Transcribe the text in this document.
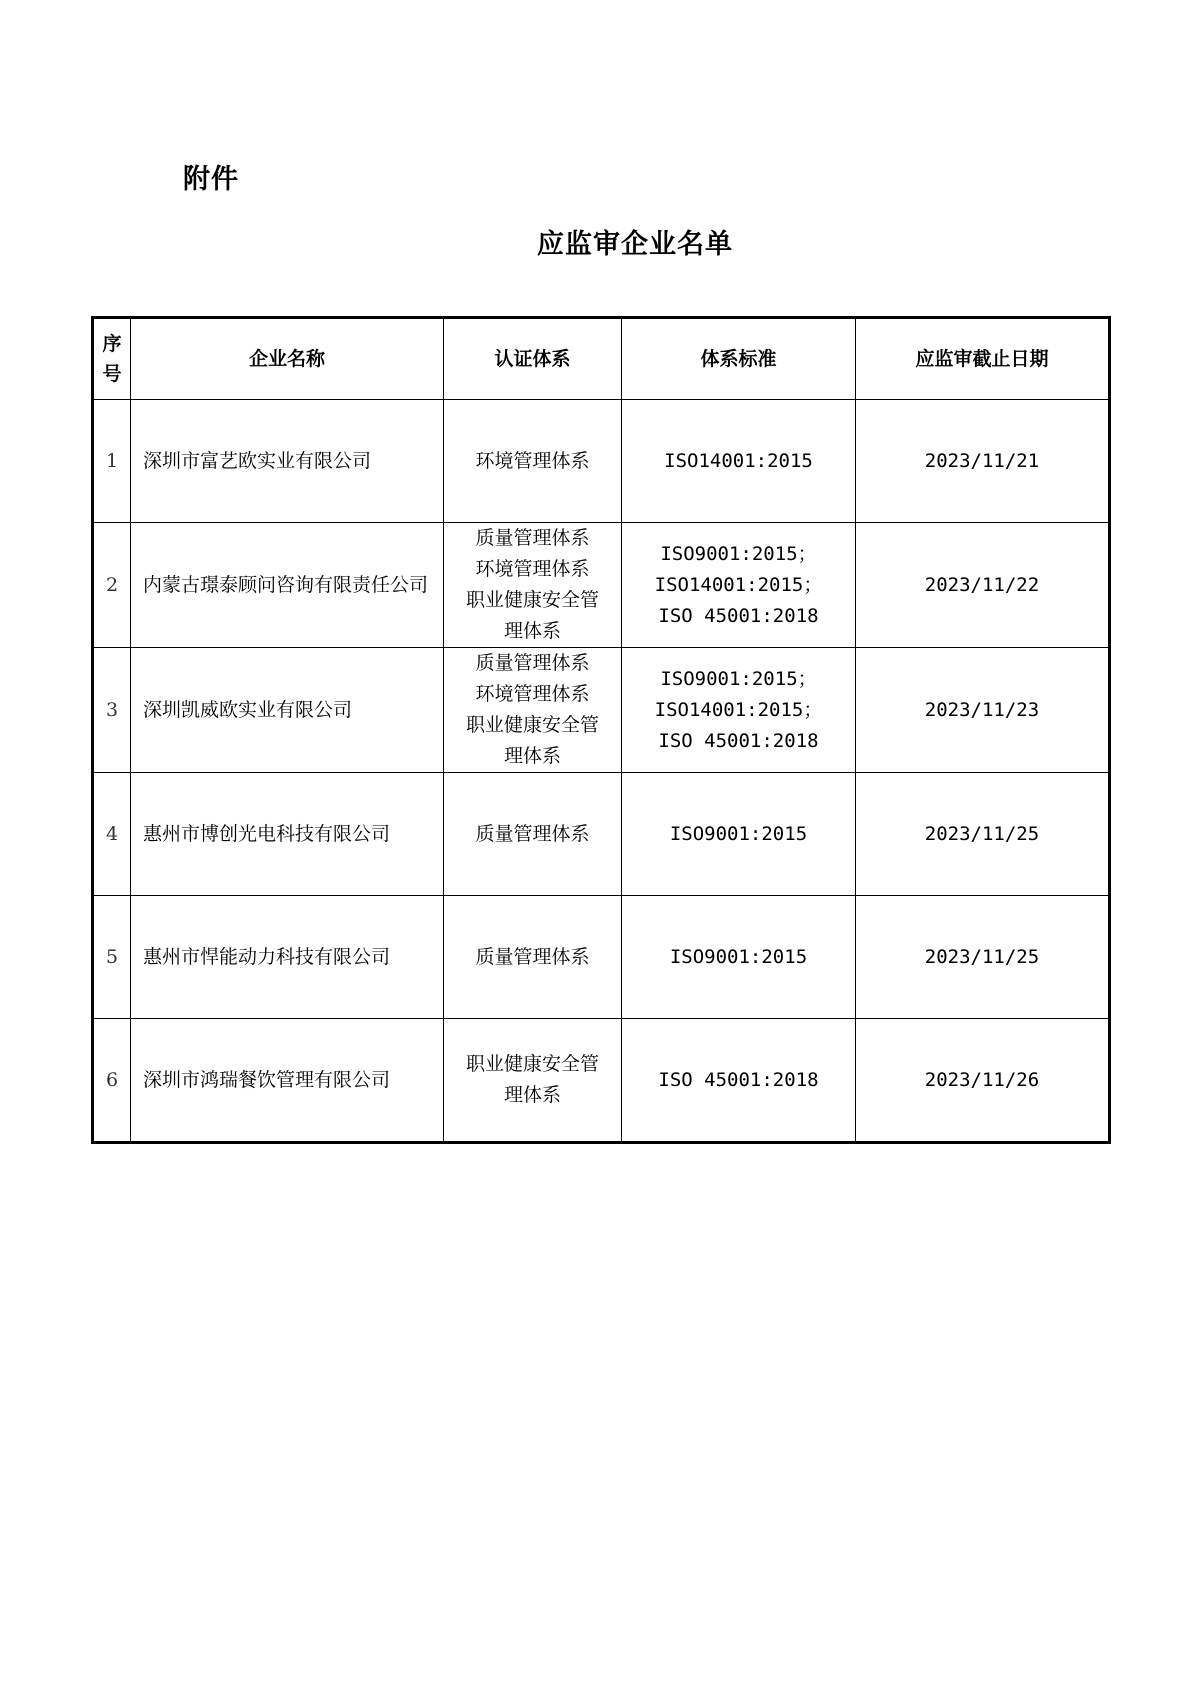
附件
应监审企业名单
序
号	企业名称	认证体系	体系标准	应监审截止日期
1	深圳市富艺欧实业有限公司	环境管理体系	ISO14001:2015	2023/11/21
2	内蒙古璟泰顾问咨询有限责任公司	质量管理体系
环境管理体系
职业健康安全管
理体系	ISO9001:2015；
ISO14001:2015；
ISO 45001:2018	2023/11/22
3	深圳凯威欧实业有限公司	质量管理体系
环境管理体系
职业健康安全管
理体系	ISO9001:2015；
ISO14001:2015；
ISO 45001:2018	2023/11/23
4	惠州市博创光电科技有限公司	质量管理体系	ISO9001:2015	2023/11/25
5	惠州市悍能动力科技有限公司	质量管理体系	ISO9001:2015	2023/11/25
6	深圳市鸿瑞餐饮管理有限公司	职业健康安全管
理体系	ISO 45001:2018	2023/11/26
